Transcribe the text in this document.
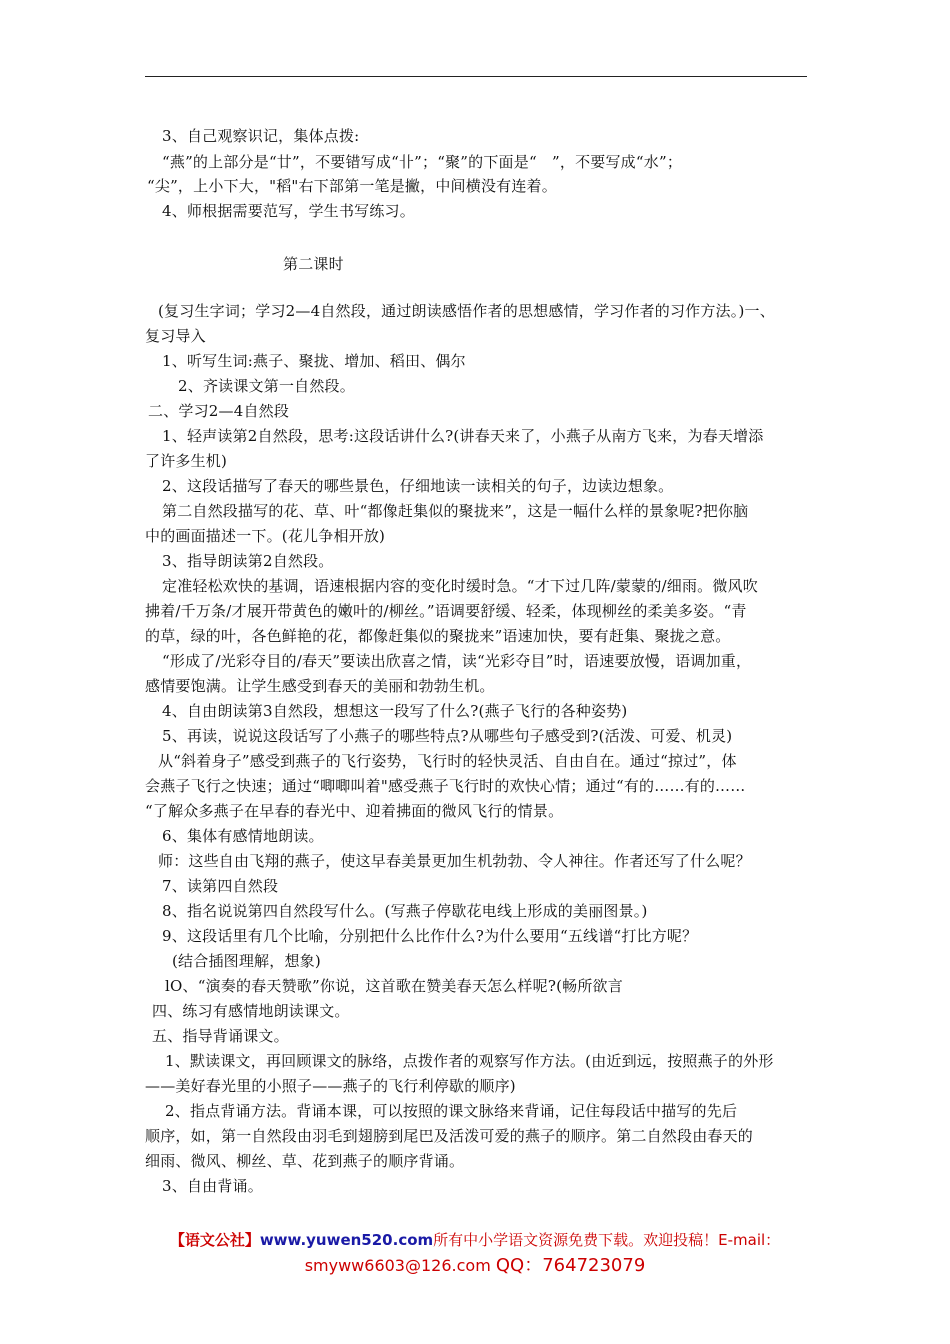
3、自己观察识记，集体点拨:
“燕”的上部分是“廿”，不要错写成“卝”；“聚”的下面是“　”，不要写成“水”；
“尖”，上小下大，"稻"右下部第一笔是撇，中间横没有连着。
4、师根据需要范写，学生书写练习。
第二课时
(复习生字词；学习2—4自然段，通过朗读感悟作者的思想感情，学习作者的习作方法。)一、
复习导入
1、听写生词:燕子、聚拢、增加、稻田、偶尔
2、齐读课文第一自然段。
二、学习2—4自然段
1、轻声读第2自然段，思考:这段话讲什么?(讲春天来了，小燕子从南方飞来，为春天增添
了许多生机)
2、这段话描写了春天的哪些景色，仔细地读一读相关的句子，边读边想象。
第二自然段描写的花、草、叶“都像赶集似的聚拢来”，这是一幅什么样的景象呢?把你脑
中的画面描述一下。(花儿争相开放)
3、指导朗读第2自然段。
定准轻松欢快的基调，语速根据内容的变化时缓时急。“才下过几阵/蒙蒙的/细雨。微风吹
拂着/千万条/才展开带黄色的嫩叶的/柳丝。”语调要舒缓、轻柔，体现柳丝的柔美多姿。“青
的草，绿的叶，各色鲜艳的花，都像赶集似的聚拢来”语速加快，要有赶集、聚拢之意。
“形成了/光彩夺目的/春天”要读出欣喜之情，读“光彩夺目”时，语速要放慢，语调加重，
感情要饱满。让学生感受到春天的美丽和勃勃生机。
4、自由朗读第3自然段，想想这一段写了什么?(燕子飞行的各种姿势)
5、再读，说说这段话写了小燕子的哪些特点?从哪些句子感受到?(活泼、可爱、机灵)
从“斜着身子”感受到燕子的飞行姿势，飞行时的轻快灵活、自由自在。通过“掠过”，体
会燕子飞行之快速；通过“唧唧叫着"感受燕子飞行时的欢快心情；通过“有的……有的……
“了解众多燕子在早春的春光中、迎着拂面的微风飞行的情景。
6、集体有感情地朗读。
师：这些自由飞翔的燕子，使这早春美景更加生机勃勃、令人神往。作者还写了什么呢？
7、读第四自然段
8、指名说说第四自然段写什么。(写燕子停歇花电线上形成的美丽图景。)
9、这段话里有几个比喻，分别把什么比作什么?为什么要用“五线谱“打比方呢？
(结合插图理解，想象)
lO、“演奏的春天赞歌”你说，这首歌在赞美春天怎么样呢?(畅所欲言
四、练习有感情地朗读课文。
五、指导背诵课文。
1、默读课文，再回顾课文的脉络，点拨作者的观察写作方法。(由近到远，按照燕子的外形
——美好春光里的小照子——燕子的飞行利停歇的顺序)
2、指点背诵方法。背诵本课，可以按照的课文脉络来背诵，记住每段话中描写的先后
顺序，如，第一自然段由羽毛到翅膀到尾巴及活泼可爱的燕子的顺序。第二自然段由春天的
细雨、微风、柳丝、草、花到燕子的顺序背诵。
3、自由背诵。
【语文公社】www.yuwen520.com所有中小学语文资源免费下载。欢迎投稿！E-mail：
smyww6603@126.com QQ：764723079
